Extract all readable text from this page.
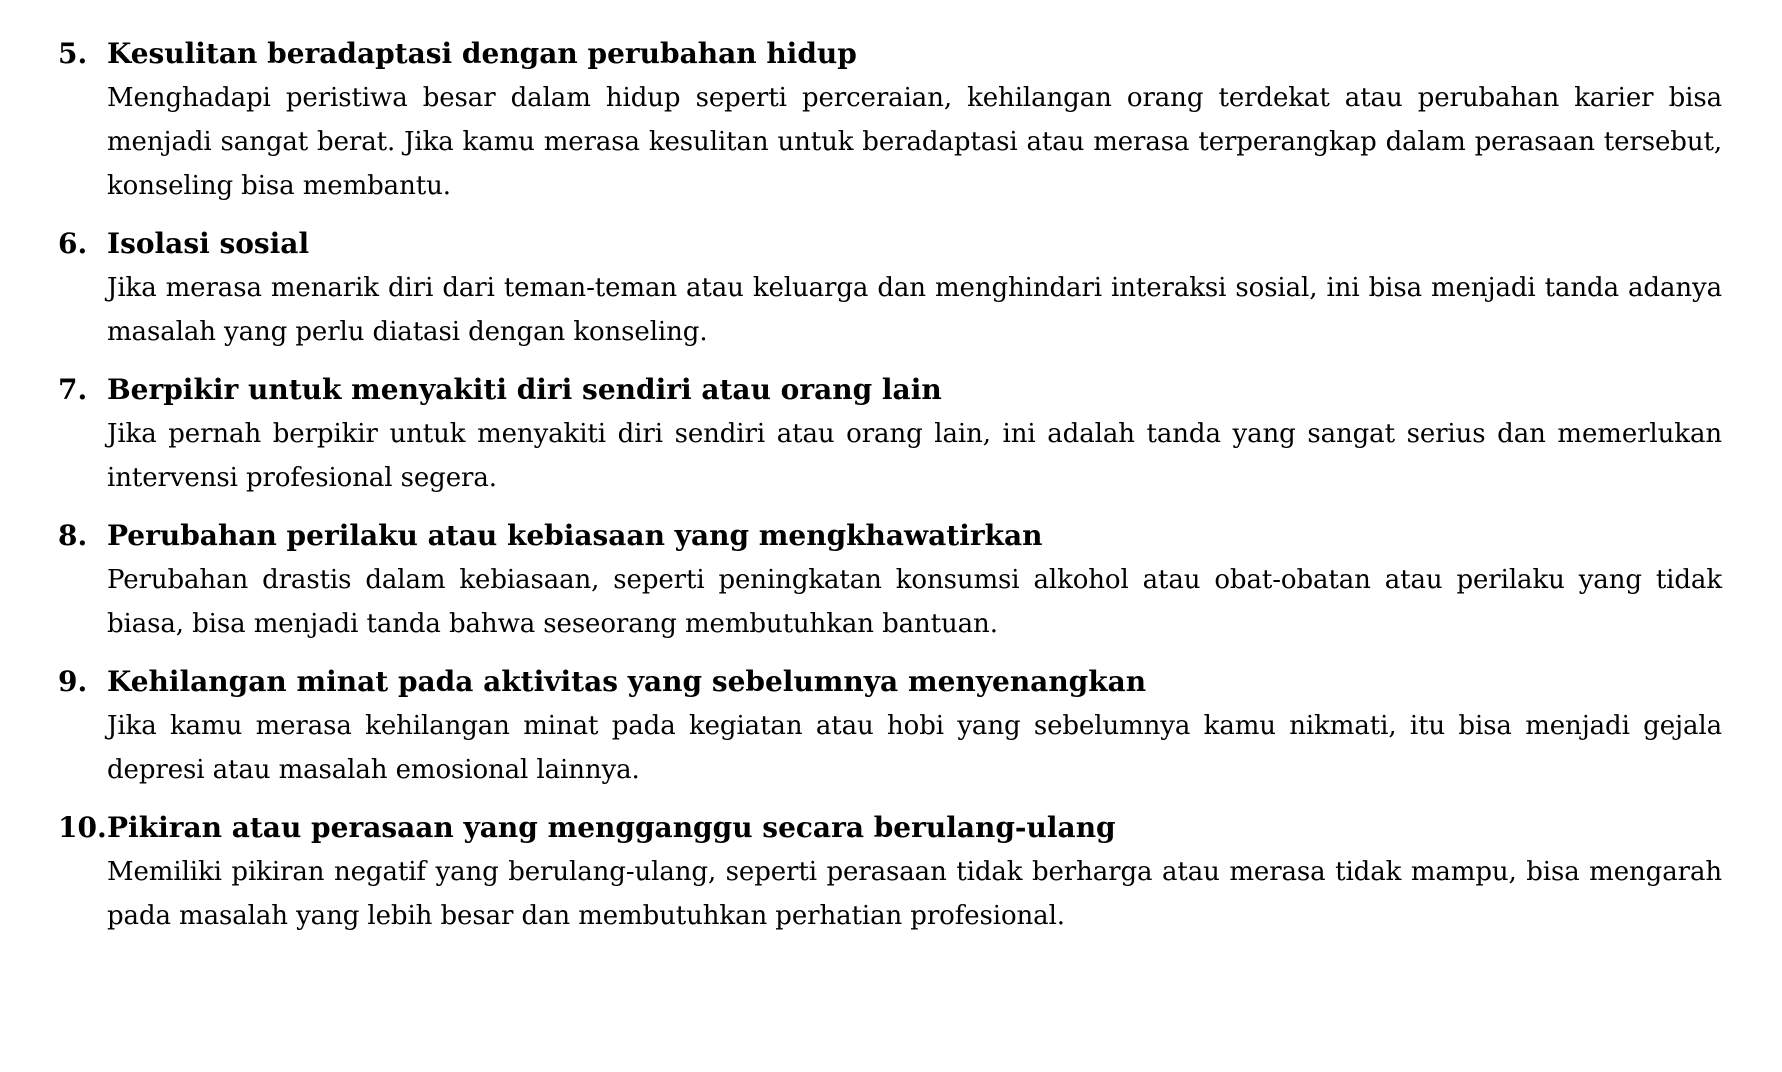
5. Kesulitan beradaptasi dengan perubahan hidup

Menghadapi peristiwa besar dalam hidup seperti perceraian, kehilangan orang terdekat atau perubahan karier bisa menjadi sangat berat. Jika kamu merasa kesulitan untuk beradaptasi atau merasa terperangkap dalam perasaan tersebut, konseling bisa membantu.

6. Isolasi sosial

Jika merasa menarik diri dari teman-teman atau keluarga dan menghindari interaksi sosial, ini bisa menjadi tanda adanya masalah yang perlu diatasi dengan konseling.

7. Berpikir untuk menyakiti diri sendiri atau orang lain

Jika pernah berpikir untuk menyakiti diri sendiri atau orang lain, ini adalah tanda yang sangat serius dan memerlukan intervensi profesional segera.

8. Perubahan perilaku atau kebiasaan yang mengkhawatirkan

Perubahan drastis dalam kebiasaan, seperti peningkatan konsumsi alkohol atau obat-obatan atau perilaku yang tidak biasa, bisa menjadi tanda bahwa seseorang membutuhkan bantuan.

9. Kehilangan minat pada aktivitas yang sebelumnya menyenangkan

Jika kamu merasa kehilangan minat pada kegiatan atau hobi yang sebelumnya kamu nikmati, itu bisa menjadi gejala depresi atau masalah emosional lainnya.

10. Pikiran atau perasaan yang mengganggu secara berulang-ulang

Memiliki pikiran negatif yang berulang-ulang, seperti perasaan tidak berharga atau merasa tidak mampu, bisa mengarah pada masalah yang lebih besar dan membutuhkan perhatian profesional.
